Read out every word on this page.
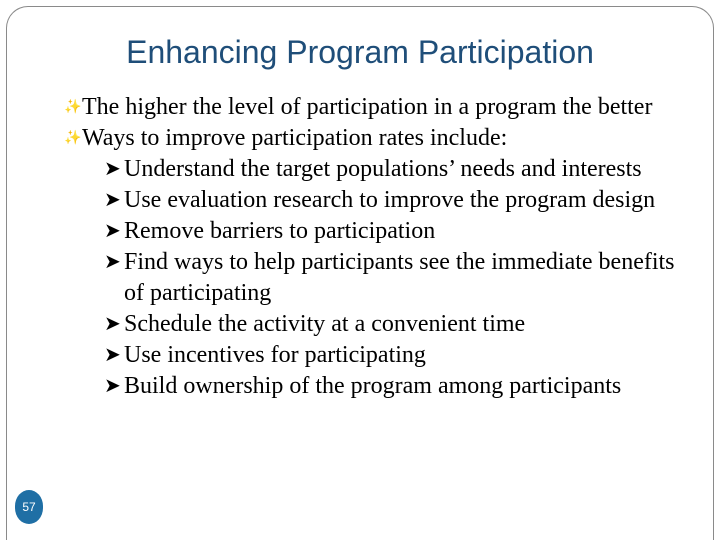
Enhancing Program Participation

✨ The higher the level of participation in a program the better

✨ Ways to improve participation rates include:

➤ Understand the target populations’ needs and interests

➤ Use evaluation research to improve the program design

➤ Remove barriers to participation

➤ Find ways to help participants see the immediate benefits of participating

➤ Schedule the activity at a convenient time

➤ Use incentives for participating

➤ Build ownership of the program among participants

57
